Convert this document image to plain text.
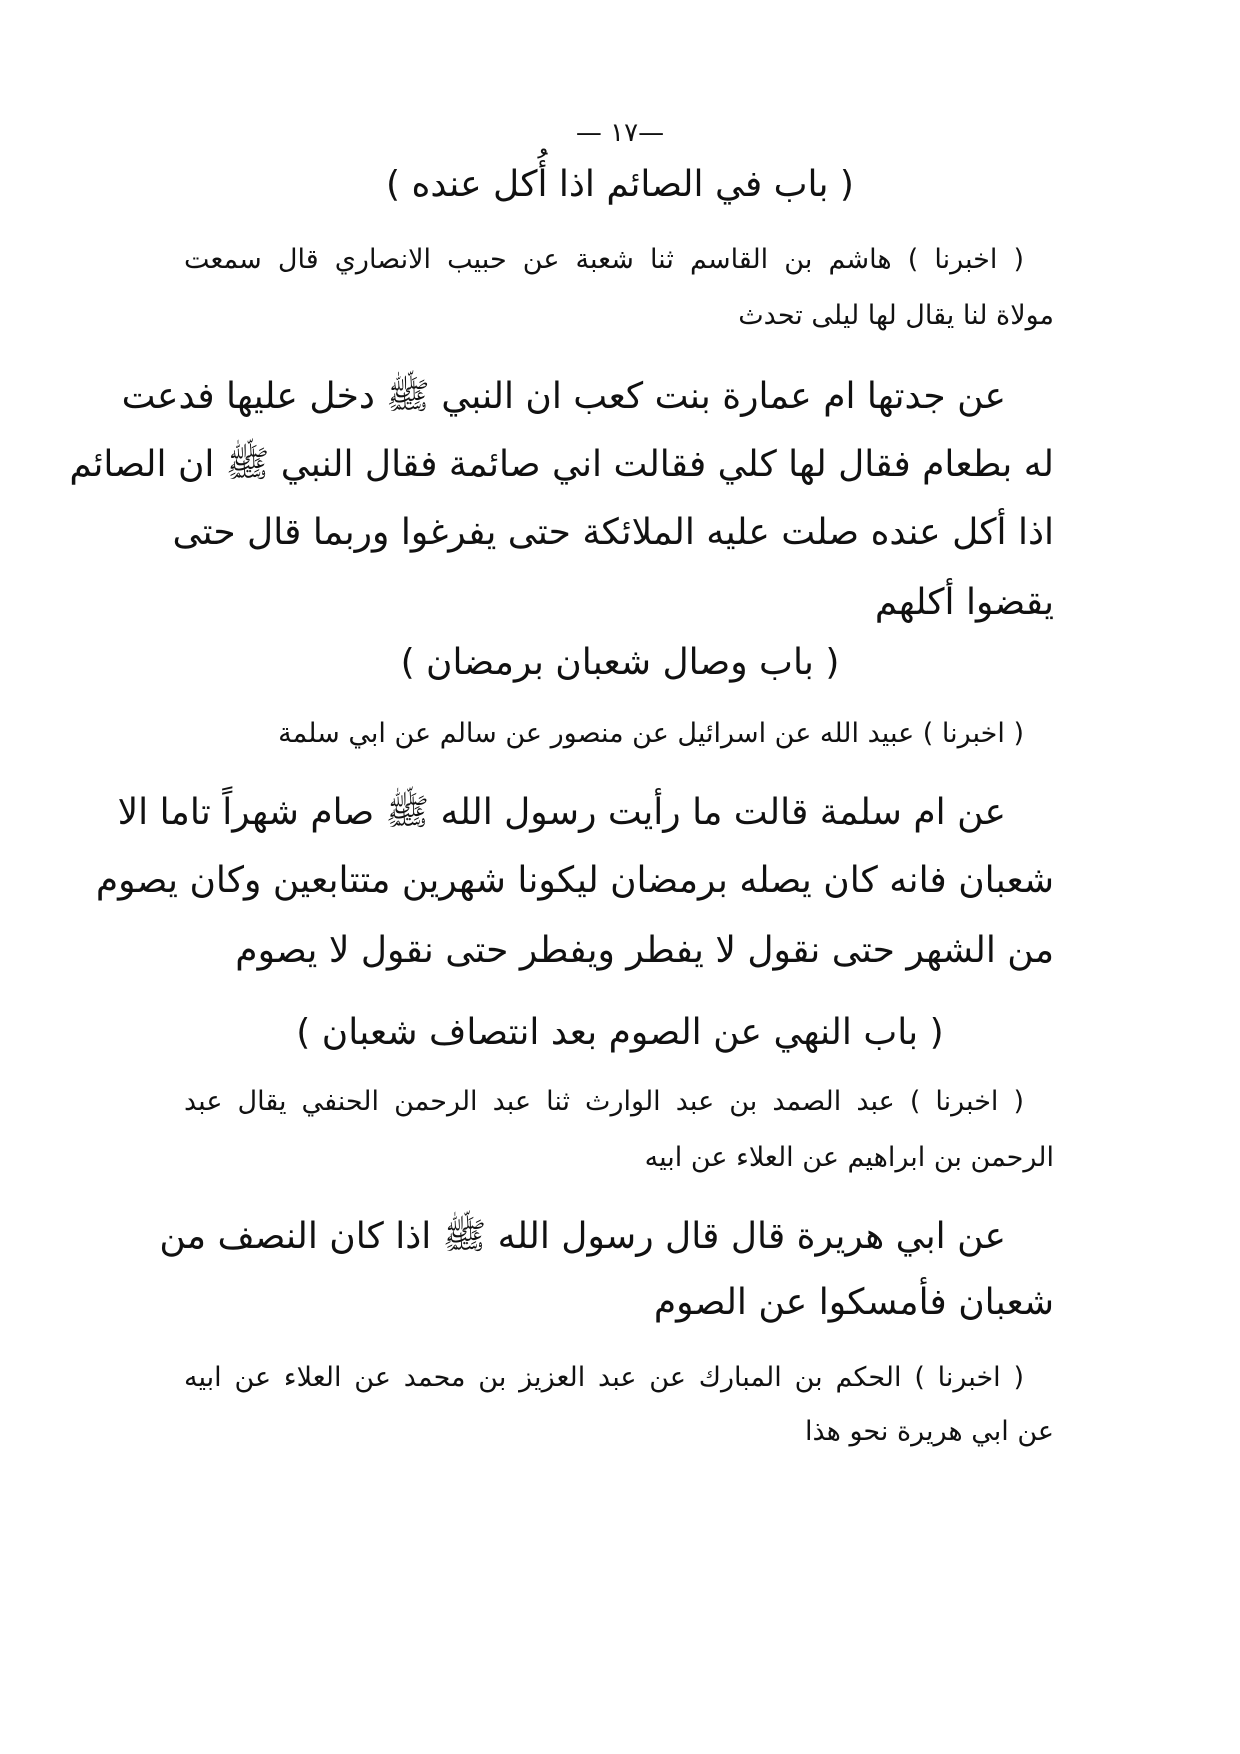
—١٧ —
( باب في الصائم اذا أُكل عنده )
( اخبرنا ) هاشم بن القاسم ثنا شعبة عن حبيب الانصاري قال سمعت
مولاة لنا يقال لها ليلى تحدث
عن جدتها ام عمارة بنت كعب ان النبي ﷺ دخل عليها فدعت
له بطعام فقال لها كلي فقالت اني صائمة فقال النبي ﷺ ان الصائم
اذا أكل عنده صلت عليه الملائكة حتى يفرغوا وربما قال حتى
يقضوا أكلهم
( باب وصال شعبان برمضان )
( اخبرنا ) عبيد الله عن اسرائيل عن منصور عن سالم عن ابي سلمة
عن ام سلمة قالت ما رأيت رسول الله ﷺ صام شهراً تاما الا
شعبان فانه كان يصله برمضان ليكونا شهرين متتابعين وكان يصوم
من الشهر حتى نقول لا يفطر ويفطر حتى نقول لا يصوم
( باب النهي عن الصوم بعد انتصاف شعبان )
( اخبرنا ) عبد الصمد بن عبد الوارث ثنا عبد الرحمن الحنفي يقال عبد
الرحمن بن ابراهيم عن العلاء عن ابيه
عن ابي هريرة قال قال رسول الله ﷺ اذا كان النصف من
شعبان فأمسكوا عن الصوم
( اخبرنا ) الحكم بن المبارك عن عبد العزيز بن محمد عن العلاء عن ابيه
عن ابي هريرة نحو هذا
